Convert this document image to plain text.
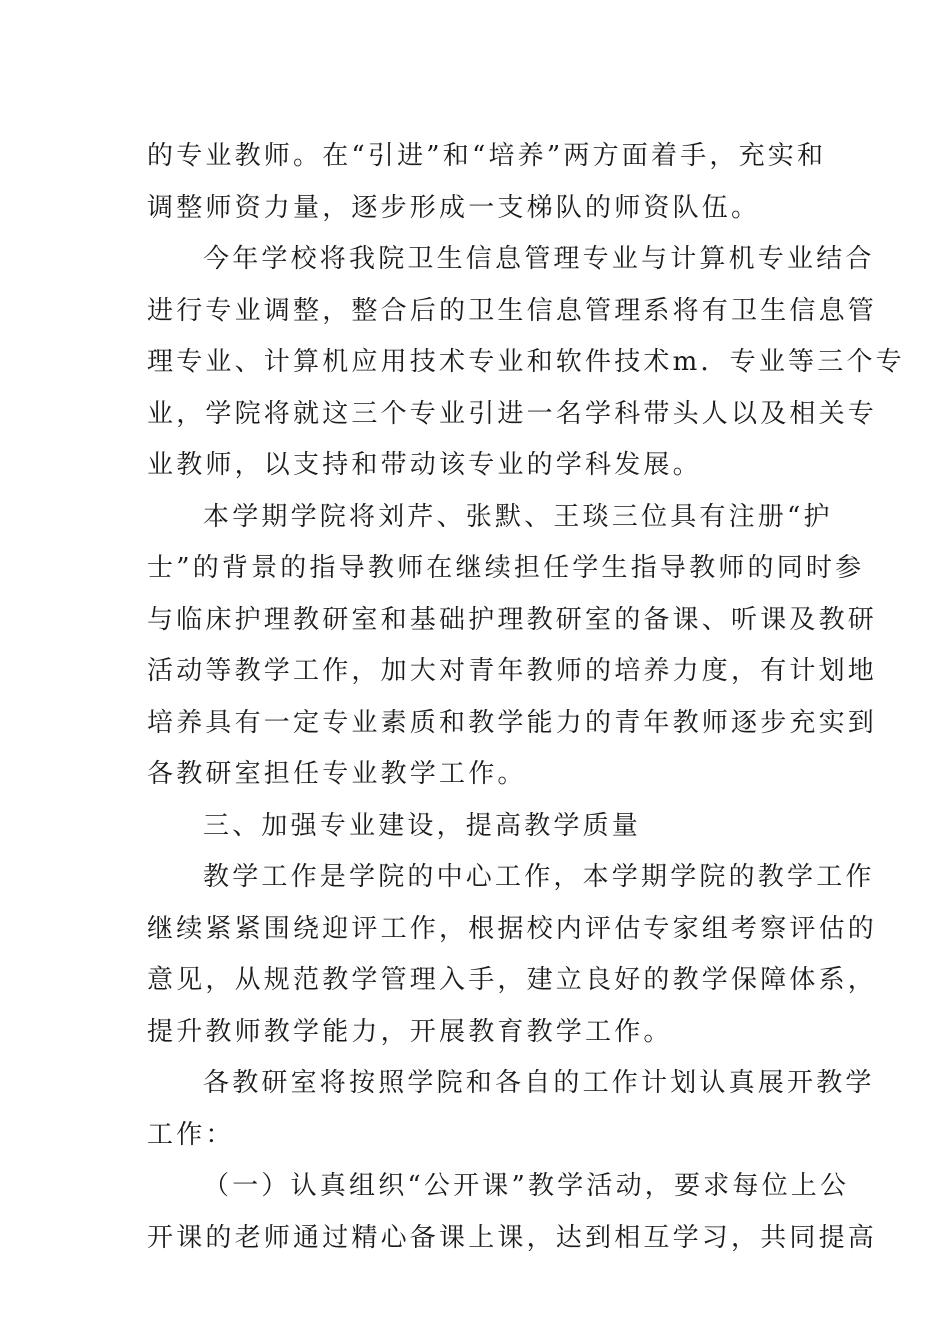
的专业教师。在“引进”和“培养”两方面着手，充实和
调整师资力量，逐步形成一支梯队的师资队伍。
今年学校将我院卫生信息管理专业与计算机专业结合
进行专业调整，整合后的卫生信息管理系将有卫生信息管
理专业、计算机应用技术专业和软件技术m．专业等三个专
业，学院将就这三个专业引进一名学科带头人以及相关专
业教师，以支持和带动该专业的学科发展。
本学期学院将刘芹、张默、王琰三位具有注册“护
士”的背景的指导教师在继续担任学生指导教师的同时参
与临床护理教研室和基础护理教研室的备课、听课及教研
活动等教学工作，加大对青年教师的培养力度，有计划地
培养具有一定专业素质和教学能力的青年教师逐步充实到
各教研室担任专业教学工作。
三、加强专业建设，提高教学质量
教学工作是学院的中心工作，本学期学院的教学工作
继续紧紧围绕迎评工作，根据校内评估专家组考察评估的
意见，从规范教学管理入手，建立良好的教学保障体系，
提升教师教学能力，开展教育教学工作。
各教研室将按照学院和各自的工作计划认真展开教学
工作：
（一）认真组织“公开课”教学活动，要求每位上公
开课的老师通过精心备课上课，达到相互学习，共同提高
